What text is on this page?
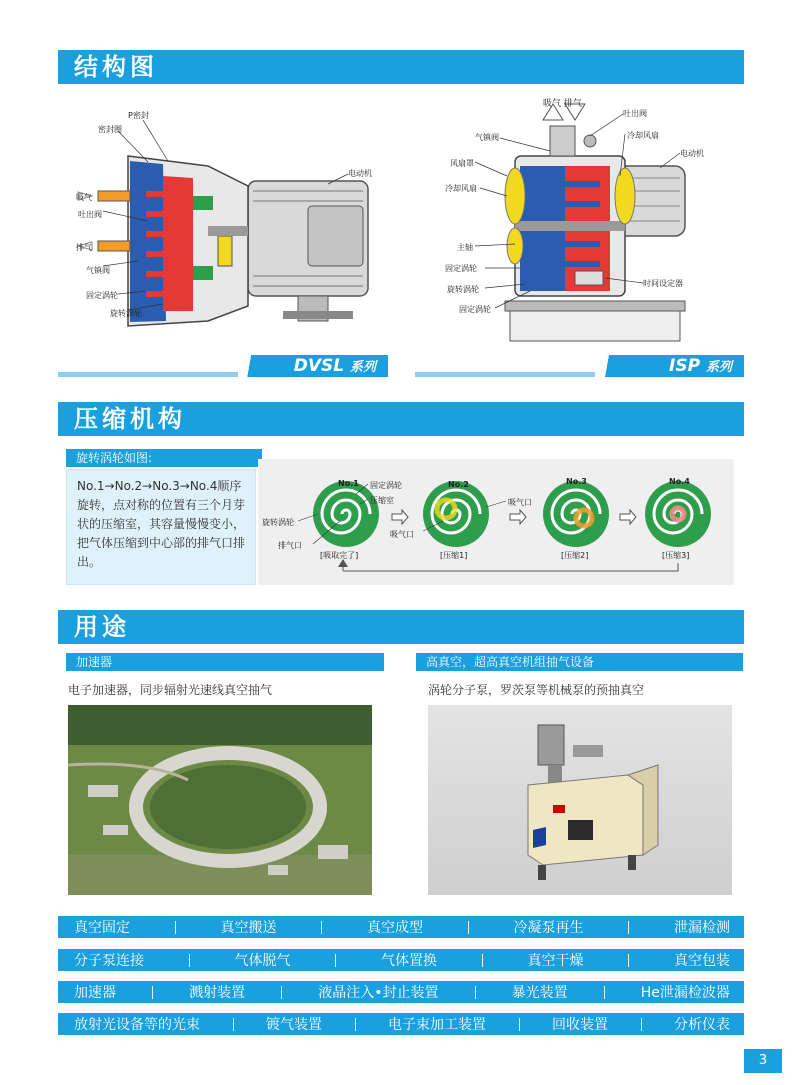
结构图
P密封
密封圈
电动机
吸气
吐出阀
排气
气镇阀
固定涡轮
旋转涡轮
DVSL 系列
吸气 排气
吐出阀
气镇阀	冷却风扇
电动机
风扇罩
冷却风扇
主轴
固定涡轮
旋转涡轮
时间设定器
固定涡轮
ISP 系列
压缩机构
旋转涡轮如图:
No.1→No.2→No.3→No.4顺序旋转，点对称的位置有三个月芽状的压缩室，其容量慢慢变小，把气体压缩到中心部的排气口排出。
No.1	No.2	No.3	No.4
固定涡轮
压缩室
旋转涡轮
排气口
吸气口
吸气口
[吸取完了]	[压缩1]	[压缩2]	[压缩3]
用途
加速器
电子加速器，同步辐射光速线真空抽气
高真空，超高真空机组抽气设备
涡轮分子泵，罗茨泵等机械泵的预抽真空
真空固定	真空搬送	真空成型	冷凝泵再生	泄漏检测
分子泵连接	气体脱气	气体置换	真空干燥	真空包装
加速器	溅射装置	液晶注入•封止装置	暴光装置	He泄漏检波器
放射光设备等的光束	镀气装置	电子束加工装置	回收装置	分析仪表
3
